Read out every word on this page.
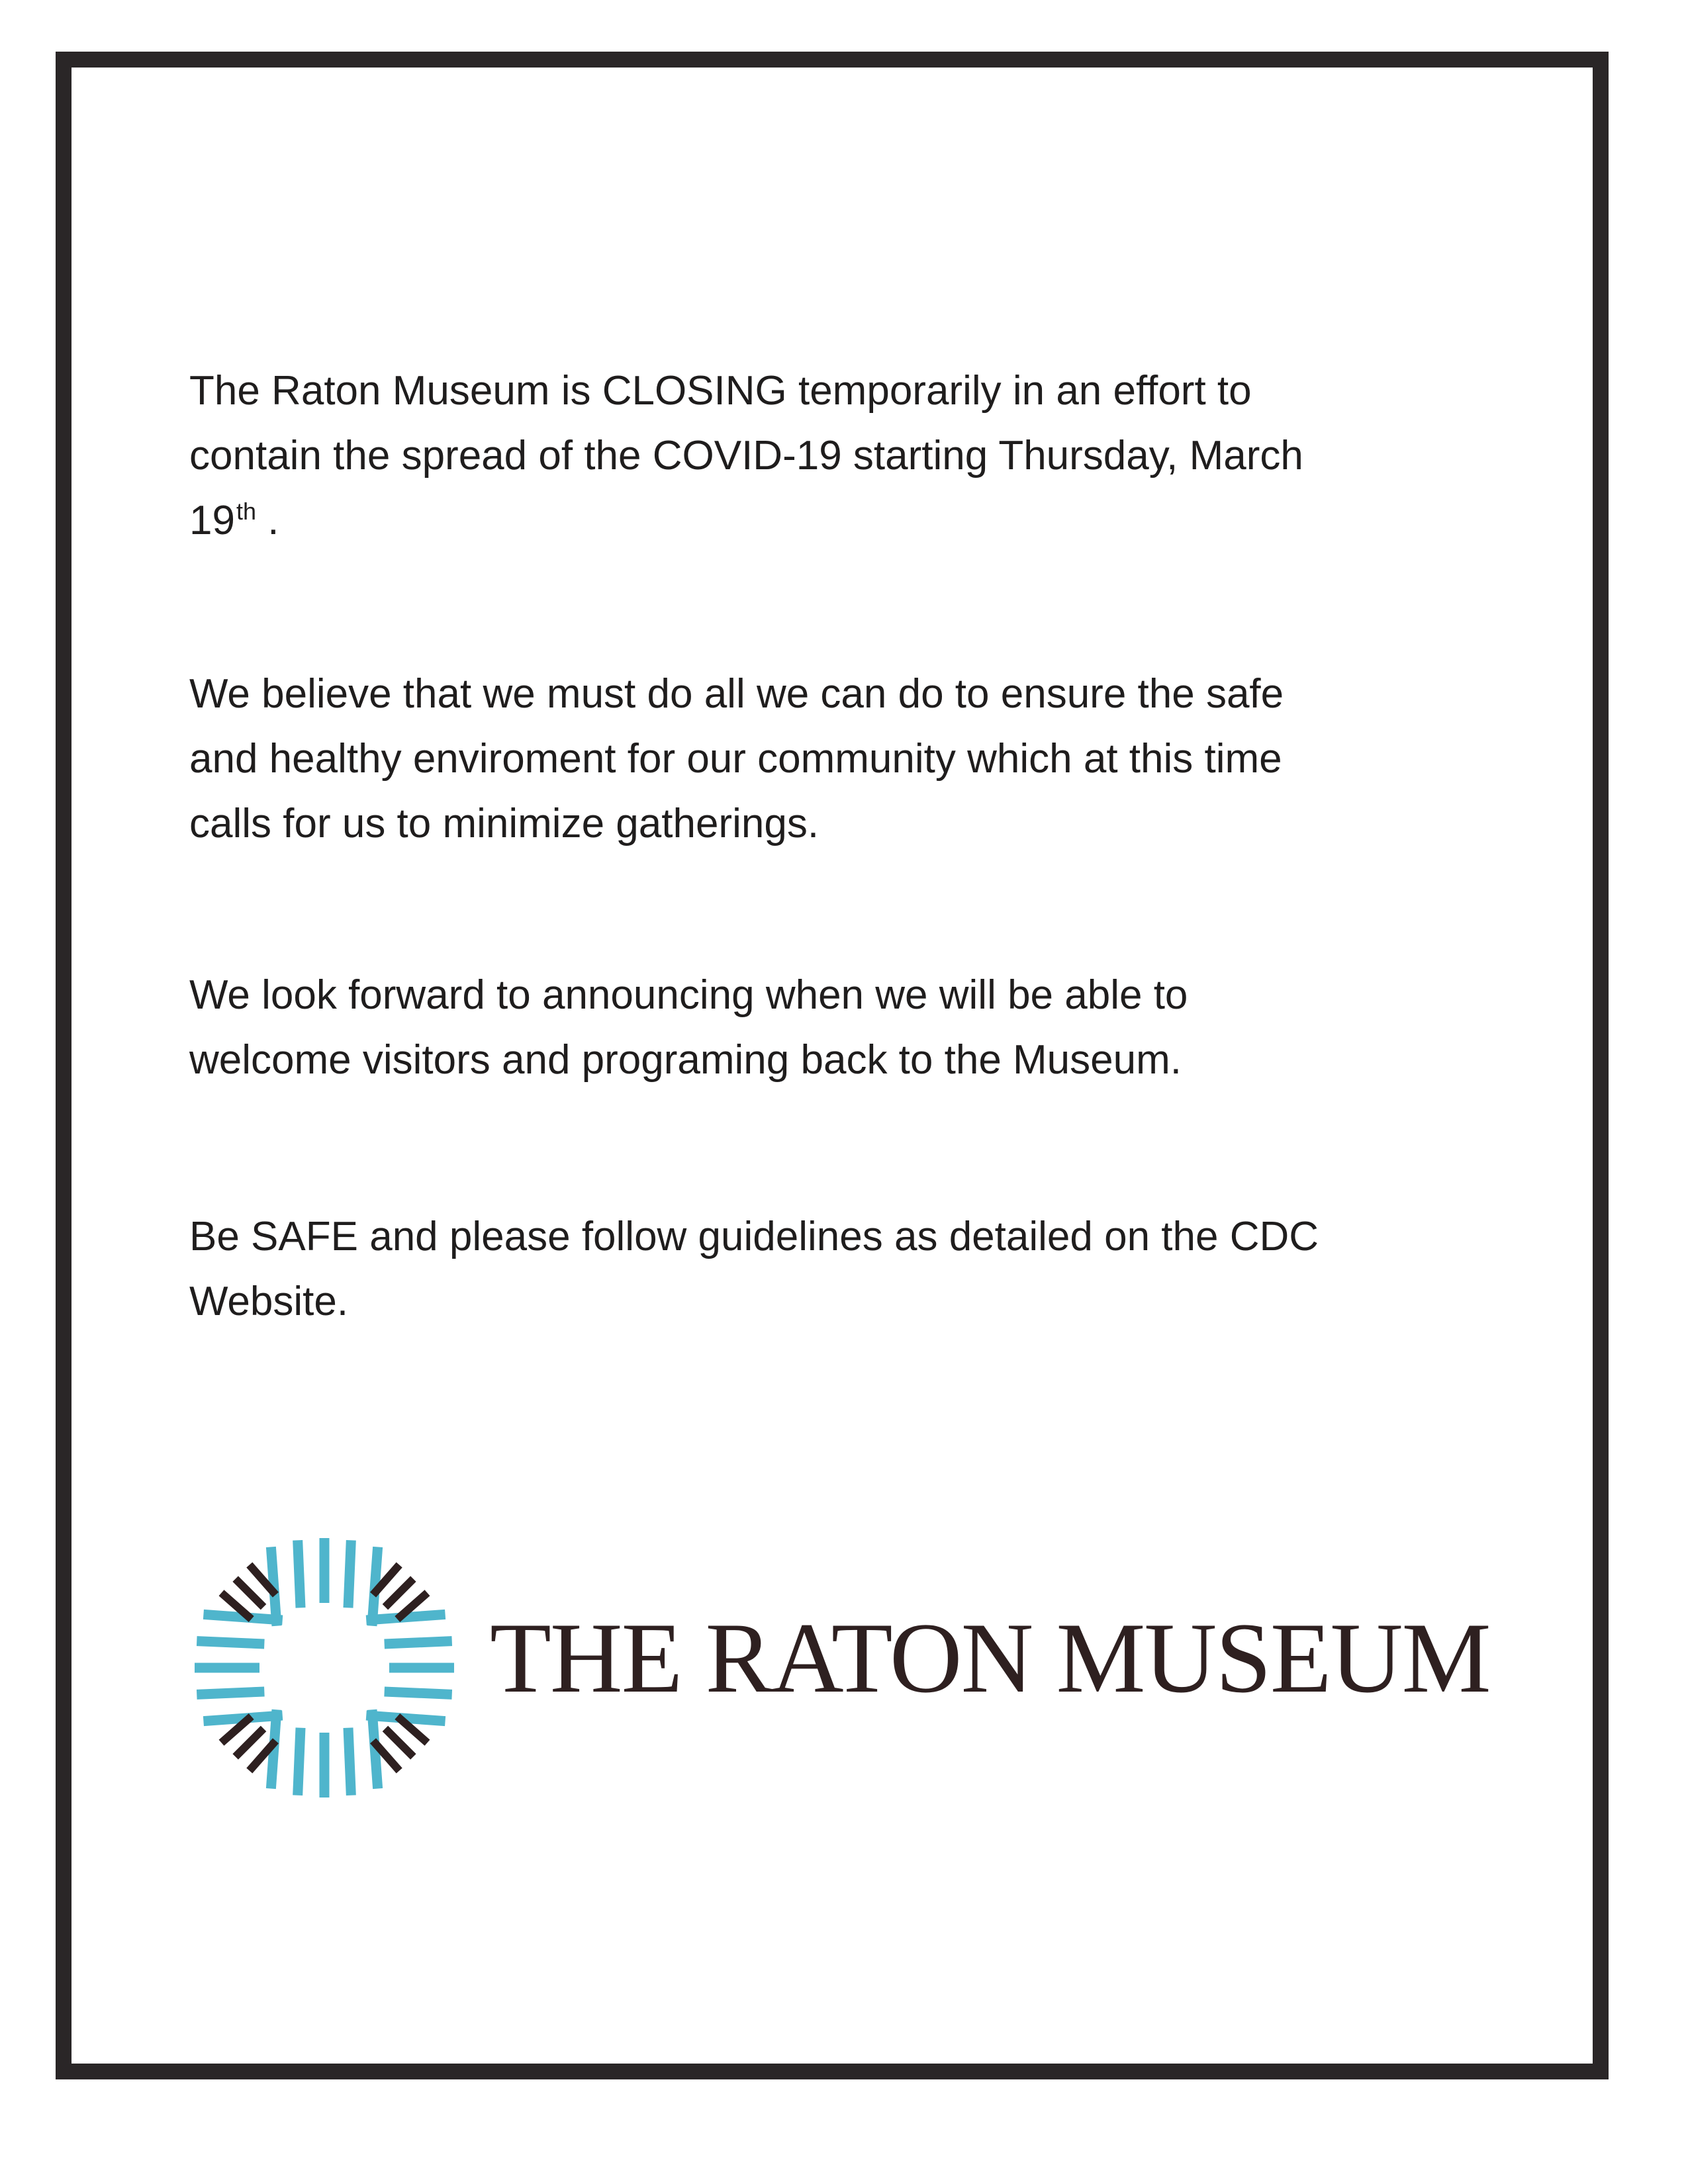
The Raton Museum is CLOSING temporarily in an effort to
contain the spread of the COVID-19 starting Thursday, March
19th .

We believe that we must do all we can do to ensure the safe
and healthy enviroment for our community which at this time
calls for us to minimize gatherings.

We look forward to announcing when we will be able to
welcome visitors and programing back to the Museum.

Be SAFE and please follow guidelines as detailed on the CDC
Website.

THE RATON MUSEUM
